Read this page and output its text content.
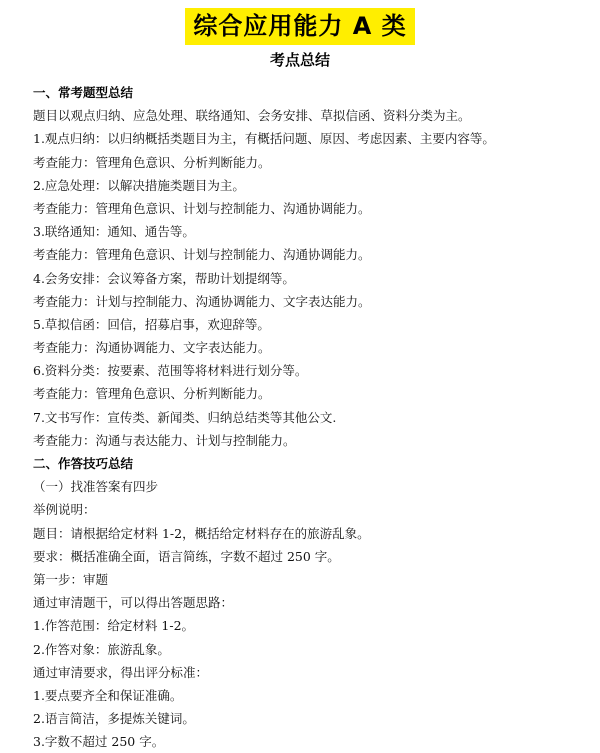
综合应用能力 A 类
考点总结
一、常考题型总结
题目以观点归纳、应急处理、联络通知、会务安排、草拟信函、资料分类为主。
1.观点归纳：以归纳概括类题目为主，有概括问题、原因、考虑因素、主要内容等。
考查能力：管理角色意识、分析判断能力。
2.应急处理：以解决措施类题目为主。
考查能力：管理角色意识、计划与控制能力、沟通协调能力。
3.联络通知：通知、通告等。
考查能力：管理角色意识、计划与控制能力、沟通协调能力。
4.会务安排：会议筹备方案，帮助计划提纲等。
考查能力：计划与控制能力、沟通协调能力、文字表达能力。
5.草拟信函：回信，招募启事，欢迎辞等。
考查能力：沟通协调能力、文字表达能力。
6.资料分类：按要素、范围等将材料进行划分等。
考查能力：管理角色意识、分析判断能力。
7.文书写作：宣传类、新闻类、归纳总结类等其他公文.
考查能力：沟通与表达能力、计划与控制能力。
二、作答技巧总结
（一）找准答案有四步
举例说明：
题目：请根据给定材料 1-2，概括给定材料存在的旅游乱象。
要求：概括准确全面，语言简练，字数不超过 250 字。
第一步：审题
通过审清题干，可以得出答题思路：
1.作答范围：给定材料 1-2。
2.作答对象：旅游乱象。
通过审清要求，得出评分标准：
1.要点要齐全和保证准确。
2.语言简洁，多提炼关键词。
3.字数不超过 250 字。
